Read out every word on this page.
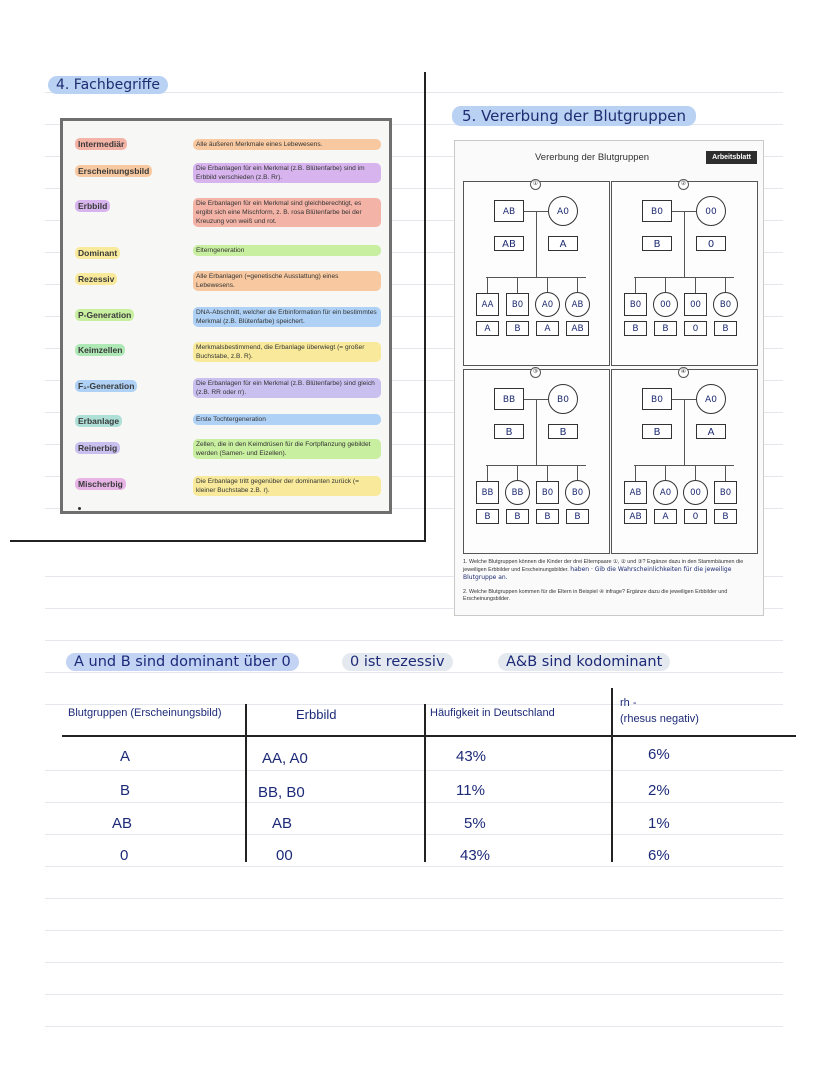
4. Fachbegriffe
Intermediär	Alle äußeren Merkmale eines Lebewesens.
Erscheinungsbild	Die Erbanlagen für ein Merkmal (z.B. Blütenfarbe) sind im Erbbild verschieden (z.B. Rr).
Erbbild	Die Erbanlagen für ein Merkmal sind gleichberechtigt, es ergibt sich eine Mischform, z. B. rosa Blütenfarbe bei der Kreuzung von weiß und rot.
Dominant	Elterngeneration
Rezessiv	Alle Erbanlagen (=genetische Ausstattung) eines Lebewesens.
P-Generation	DNA-Abschnitt, welcher die Erbinformation für ein bestimmtes Merkmal (z.B. Blütenfarbe) speichert.
Keimzellen	Merkmalsbestimmend, die Erbanlage überwiegt (= großer Buchstabe, z.B. R).
F₁-Generation	Die Erbanlagen für ein Merkmal (z.B. Blütenfarbe) sind gleich (z.B. RR oder rr).
Erbanlage	Erste Tochtergeneration
Reinerbig	Zellen, die in den Keimdrüsen für die Fortpflanzung gebildet werden (Samen- und Eizellen).
Mischerbig	Die Erbanlage tritt gegenüber der dominanten zurück (= kleiner Buchstabe z.B. r).
5. Vererbung der Blutgruppen
Vererbung der Blutgruppen	Arbeitsblatt
①
AB
AB
A0
A
AA
A
B0
B
A0
A
AB
AB
②
B0
B
00
0
B0
B
00
B
00
0
B0
B
③
BB
B
B0
B
BB
B
BB
B
B0
B
B0
B
④
B0
B
A0
A
AB
AB
A0
A
00
0
B0
B
1. Welche Blutgruppen können die Kinder der drei Elternpaare ①, ② und ③? Ergänze dazu in den Stammbäumen die jeweiligen Erbbilder und Erscheinungsbilder. haben · Gib die Wahrscheinlichkeiten für die jeweilige Blutgruppe an.
2. Welche Blutgruppen kommen für die Eltern in Beispiel ④ infrage? Ergänze dazu die jeweiligen Erbbilder und Erscheinungsbilder.
A und B sind dominant über 0	0 ist rezessiv	A&B sind kodominant
Blutgruppen (Erscheinungsbild)	Erbbild	Häufigkeit in Deutschland
rh -
(rhesus negativ)
A	AA, A0	43%	6%
B	BB, B0	11%	2%
AB	AB	5%	1%
0	00	43%	6%
